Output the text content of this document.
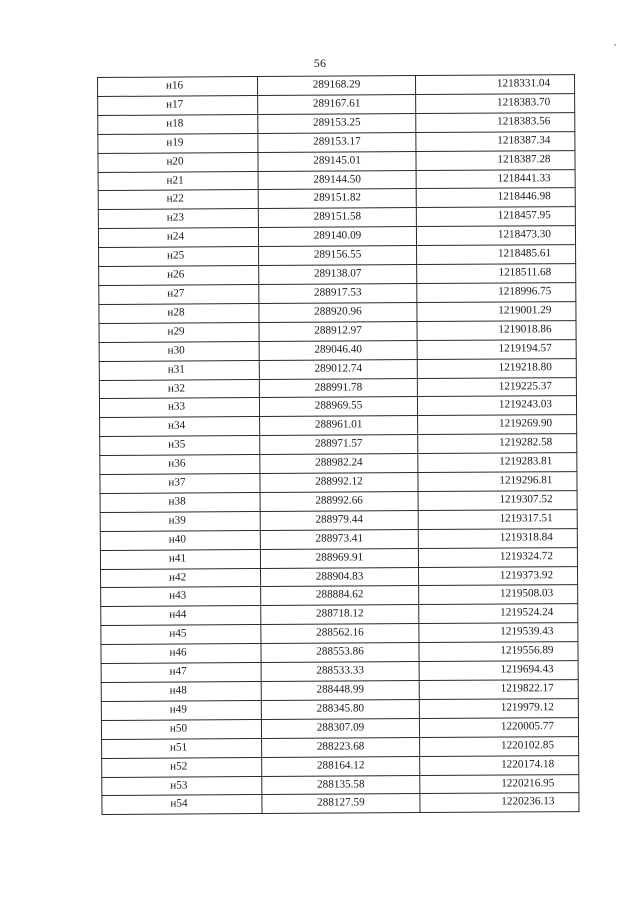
56
н16	289168.29	1218331.04
н17	289167.61	1218383.70
н18	289153.25	1218383.56
н19	289153.17	1218387.34
н20	289145.01	1218387.28
н21	289144.50	1218441.33
н22	289151.82	1218446.98
н23	289151.58	1218457.95
н24	289140.09	1218473.30
н25	289156.55	1218485.61
н26	289138.07	1218511.68
н27	288917.53	1218996.75
н28	288920.96	1219001.29
н29	288912.97	1219018.86
н30	289046.40	1219194.57
н31	289012.74	1219218.80
н32	288991.78	1219225.37
н33	288969.55	1219243.03
н34	288961.01	1219269.90
н35	288971.57	1219282.58
н36	288982.24	1219283.81
н37	288992.12	1219296.81
н38	288992.66	1219307.52
н39	288979.44	1219317.51
н40	288973.41	1219318.84
н41	288969.91	1219324.72
н42	288904.83	1219373.92
н43	288884.62	1219508.03
н44	288718.12	1219524.24
н45	288562.16	1219539.43
н46	288553.86	1219556.89
н47	288533.33	1219694.43
н48	288448.99	1219822.17
н49	288345.80	1219979.12
н50	288307.09	1220005.77
н51	288223.68	1220102.85
н52	288164.12	1220174.18
н53	288135.58	1220216.95
н54	288127.59	1220236.13
